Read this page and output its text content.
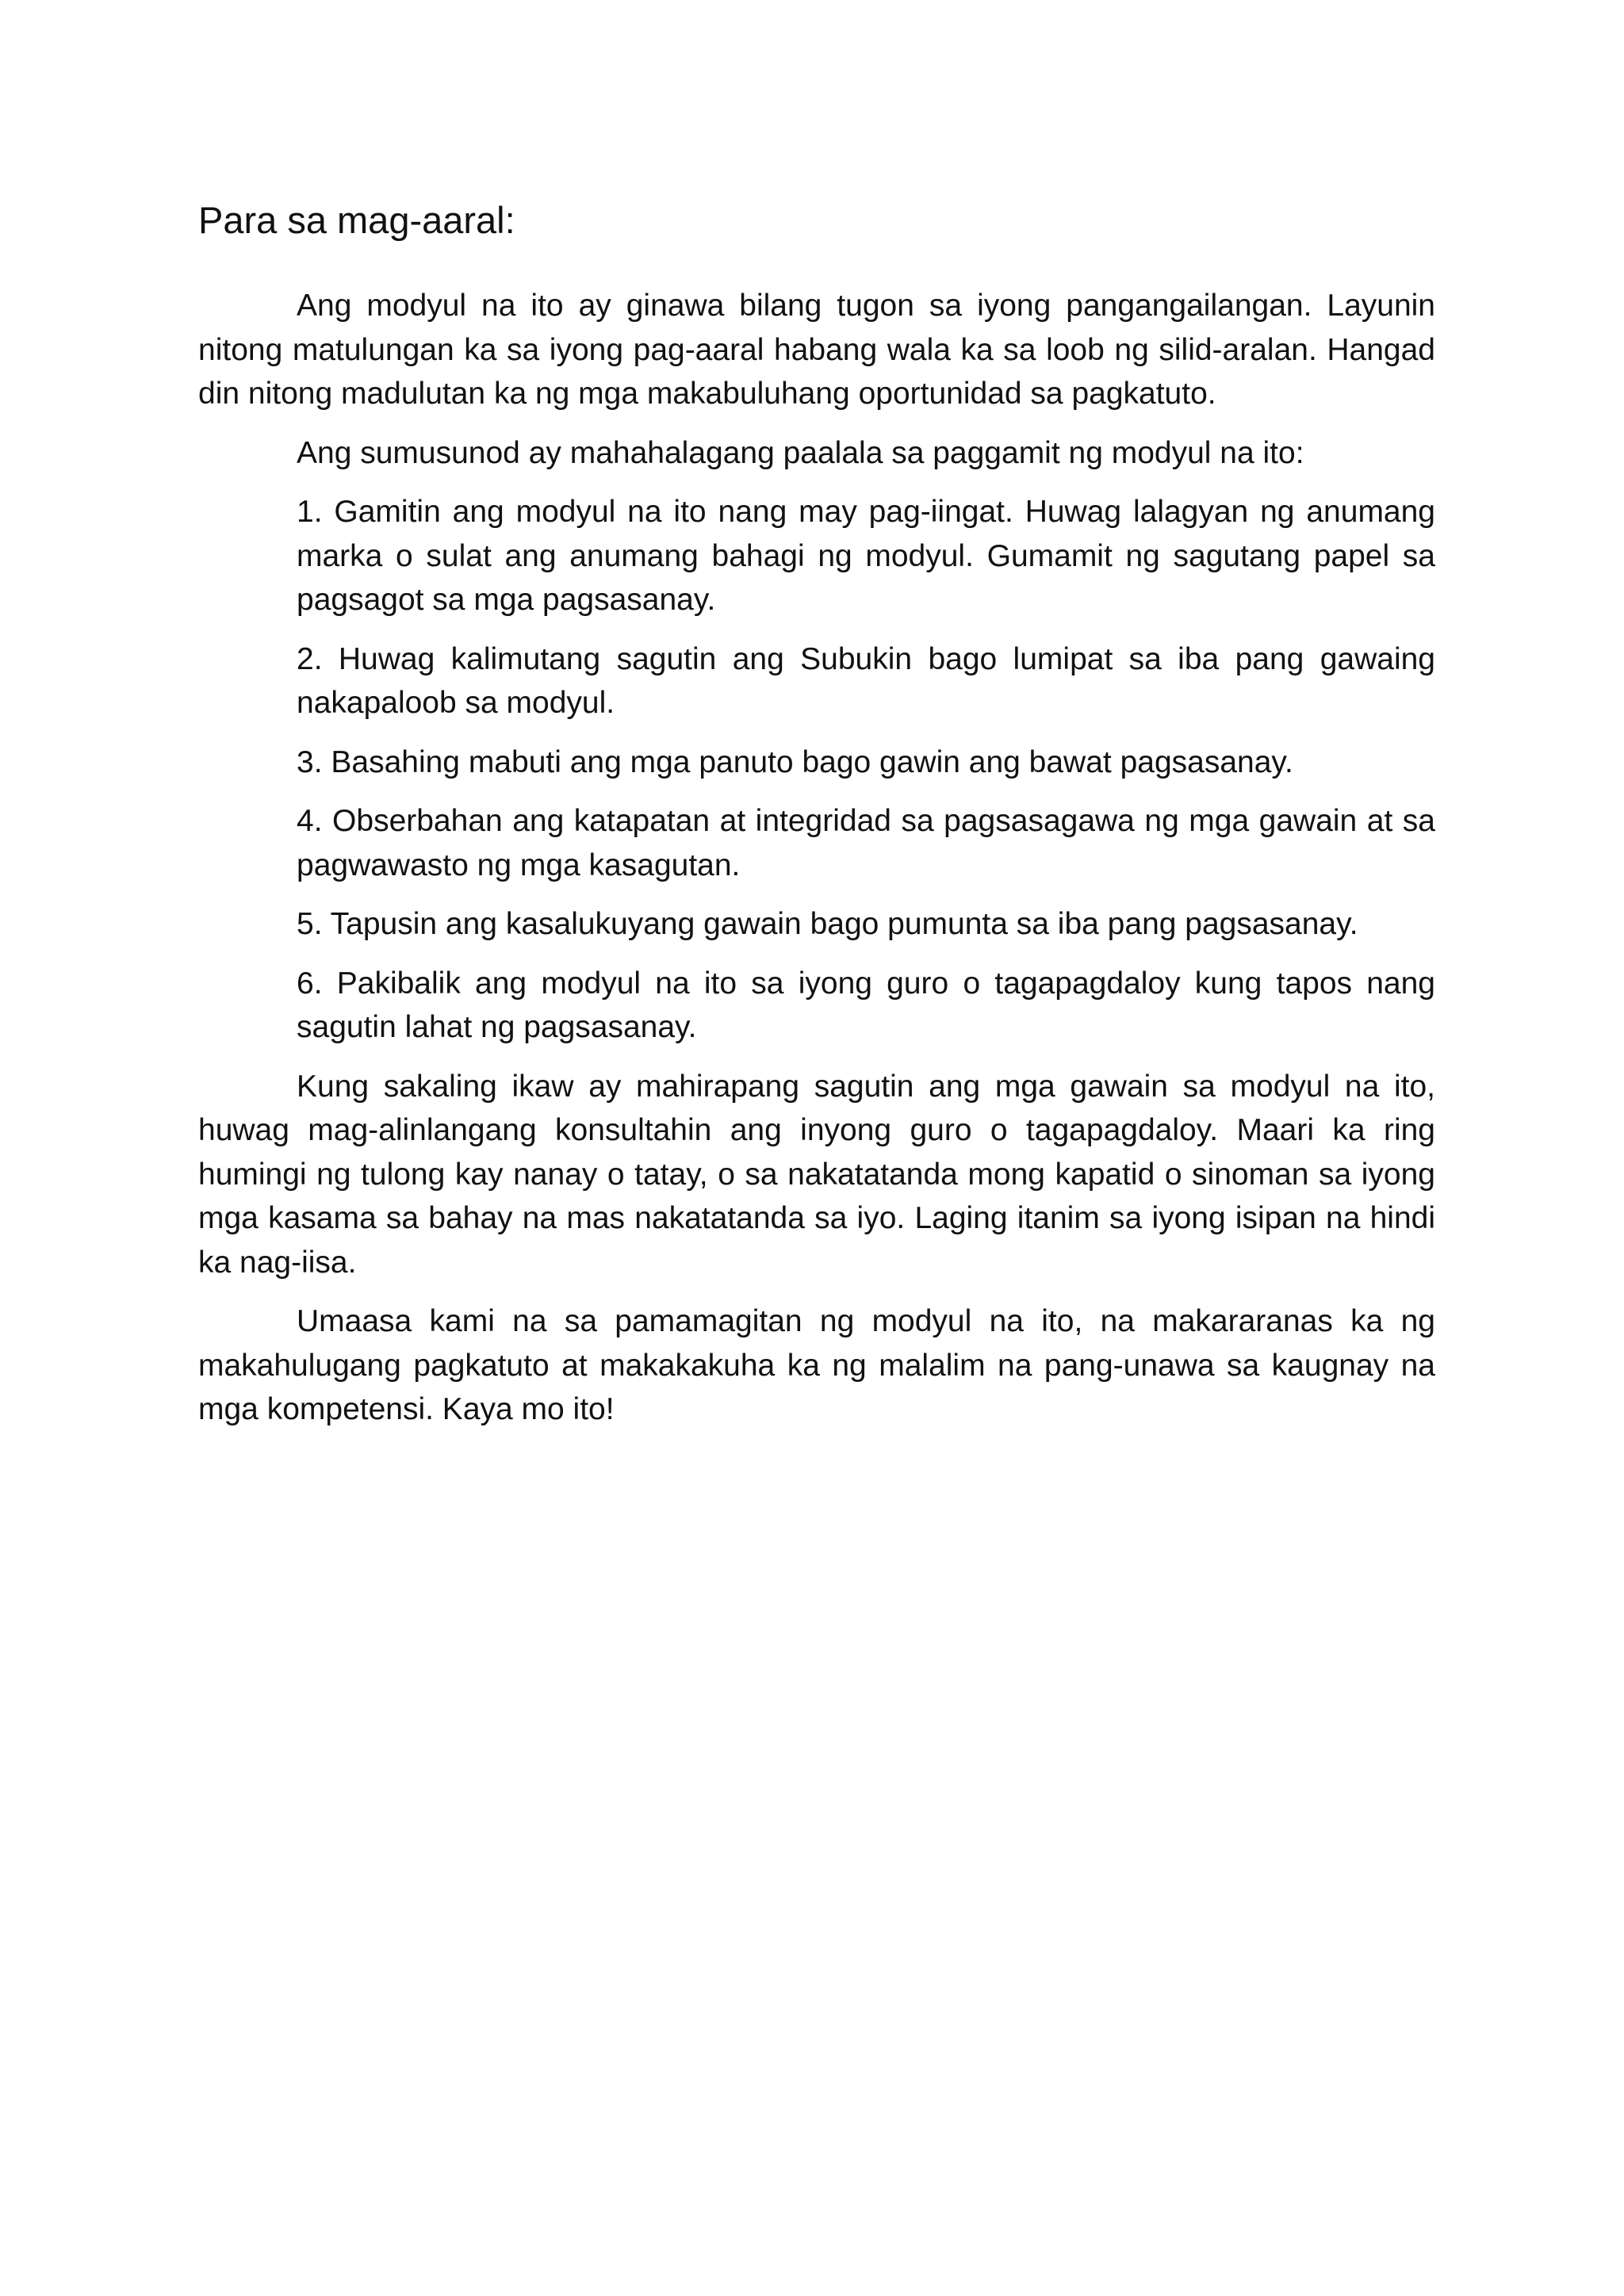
Para sa mag-aaral:

Ang modyul na ito ay ginawa bilang tugon sa iyong pangangailangan. Layunin nitong matulungan ka sa iyong pag-aaral habang wala ka sa loob ng silid-aralan. Hangad din nitong madulutan ka ng mga makabuluhang oportunidad sa pagkatuto.

Ang sumusunod ay mahahalagang paalala sa paggamit ng modyul na ito:

1. Gamitin ang modyul na ito nang may pag-iingat. Huwag lalagyan ng anumang marka o sulat ang anumang bahagi ng modyul. Gumamit ng sagutang papel sa pagsagot sa mga pagsasanay.
2. Huwag kalimutang sagutin ang Subukin bago lumipat sa iba pang gawaing nakapaloob sa modyul.
3. Basahing mabuti ang mga panuto bago gawin ang bawat pagsasanay.
4. Obserbahan ang katapatan at integridad sa pagsasagawa ng mga gawain at sa pagwawasto ng mga kasagutan.
5. Tapusin ang kasalukuyang gawain bago pumunta sa iba pang pagsasanay.
6. Pakibalik ang modyul na ito sa iyong guro o tagapagdaloy kung tapos nang sagutin lahat ng pagsasanay.

Kung sakaling ikaw ay mahirapang sagutin ang mga gawain sa modyul na ito, huwag mag-alinlangang konsultahin ang inyong guro o tagapagdaloy. Maari ka ring humingi ng tulong kay nanay o tatay, o sa nakatatanda mong kapatid o sinoman sa iyong mga kasama sa bahay na mas nakatatanda sa iyo. Laging itanim sa iyong isipan na hindi ka nag-iisa.

Umaasa kami na sa pamamagitan ng modyul na ito, na makararanas ka ng makahulugang pagkatuto at makakakuha ka ng malalim na pang-unawa sa kaugnay na mga kompetensi. Kaya mo ito!
